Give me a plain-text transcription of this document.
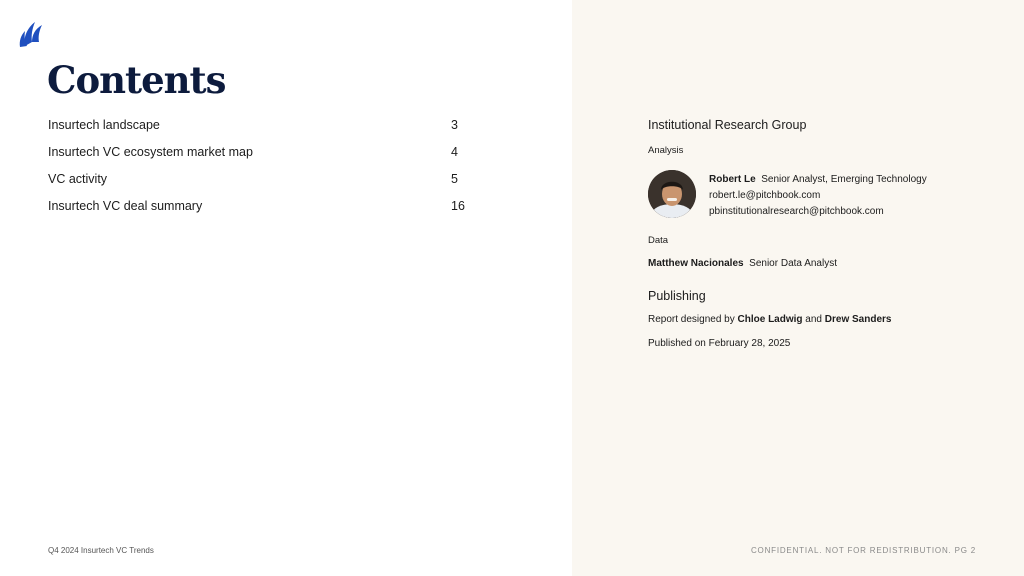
Contents
Insurtech landscape	3
Insurtech VC ecosystem market map	4
VC activity	5
Insurtech VC deal summary	16
Q4 2024 Insurtech VC Trends
Institutional Research Group
Analysis
Robert Le Senior Analyst, Emerging Technology
robert.le@pitchbook.com
pbinstitutionalresearch@pitchbook.com
Data
Matthew Nacionales Senior Data Analyst
Publishing
Report designed by Chloe Ladwig and Drew Sanders
Published on February 28, 2025
CONFIDENTIAL. NOT FOR REDISTRIBUTION. PG 2
